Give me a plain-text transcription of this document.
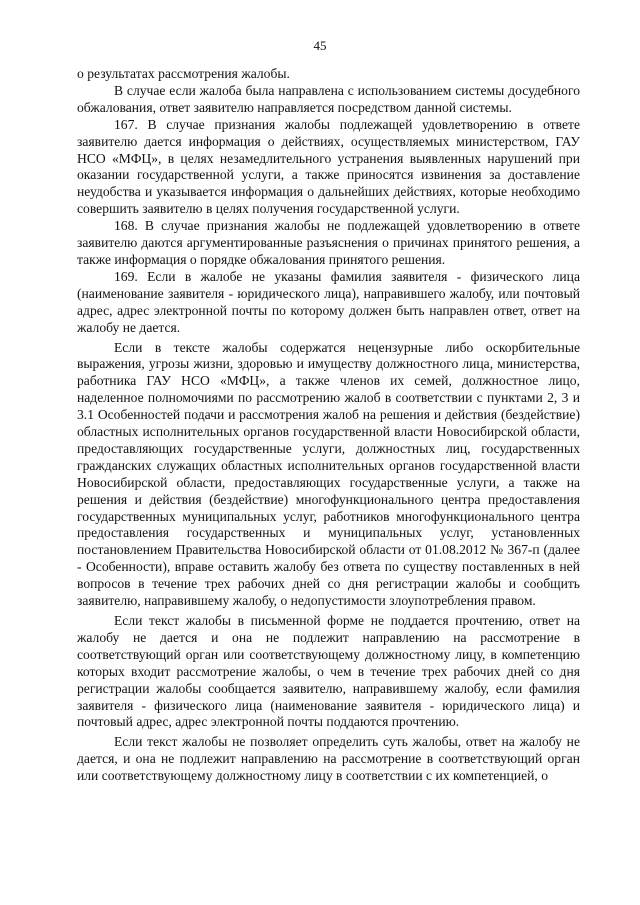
45

о результатах рассмотрения жалобы.

В случае если жалоба была направлена с использованием системы досудебного обжалования, ответ заявителю направляется посредством данной системы.

167. В случае признания жалобы подлежащей удовлетворению в ответе заявителю дается информация о действиях, осуществляемых министерством, ГАУ НСО «МФЦ», в целях незамедлительного устранения выявленных нарушений при оказании государственной услуги, а также приносятся извинения за доставление неудобства и указывается информация о дальнейших действиях, которые необходимо совершить заявителю в целях получения государственной услуги.

168. В случае признания жалобы не подлежащей удовлетворению в ответе заявителю даются аргументированные разъяснения о причинах принятого решения, а также информация о порядке обжалования принятого решения.

169. Если в жалобе не указаны фамилия заявителя - физического лица (наименование заявителя - юридического лица), направившего жалобу, или почтовый адрес, адрес электронной почты по которому должен быть направлен ответ, ответ на жалобу не дается.

Если в тексте жалобы содержатся нецензурные либо оскорбительные выражения, угрозы жизни, здоровью и имуществу должностного лица, министерства, работника ГАУ НСО «МФЦ», а также членов их семей, должностное лицо, наделенное полномочиями по рассмотрению жалоб в соответствии с пунктами 2, 3 и 3.1 Особенностей подачи и рассмотрения жалоб на решения и действия (бездействие) областных исполнительных органов государственной власти Новосибирской области, предоставляющих государственные услуги, должностных лиц, государственных гражданских служащих областных исполнительных органов государственной власти Новосибирской области, предоставляющих государственные услуги, а также на решения и действия (бездействие) многофункционального центра предоставления государственных муниципальных услуг, работников многофункционального центра предоставления государственных и муниципальных услуг, установленных постановлением Правительства Новосибирской области от 01.08.2012 № 367-п (далее - Особенности), вправе оставить жалобу без ответа по существу поставленных в ней вопросов в течение трех рабочих дней со дня регистрации жалобы и сообщить заявителю, направившему жалобу, о недопустимости злоупотребления правом.

Если текст жалобы в письменной форме не поддается прочтению, ответ на жалобу не дается и она не подлежит направлению на рассмотрение в соответствующий орган или соответствующему должностному лицу, в компетенцию которых входит рассмотрение жалобы, о чем в течение трех рабочих дней со дня регистрации жалобы сообщается заявителю, направившему жалобу, если фамилия заявителя - физического лица (наименование заявителя - юридического лица) и почтовый адрес, адрес электронной почты поддаются прочтению.

Если текст жалобы не позволяет определить суть жалобы, ответ на жалобу не дается, и она не подлежит направлению на рассмотрение в соответствующий орган или соответствующему должностному лицу в соответствии с их компетенцией, о
